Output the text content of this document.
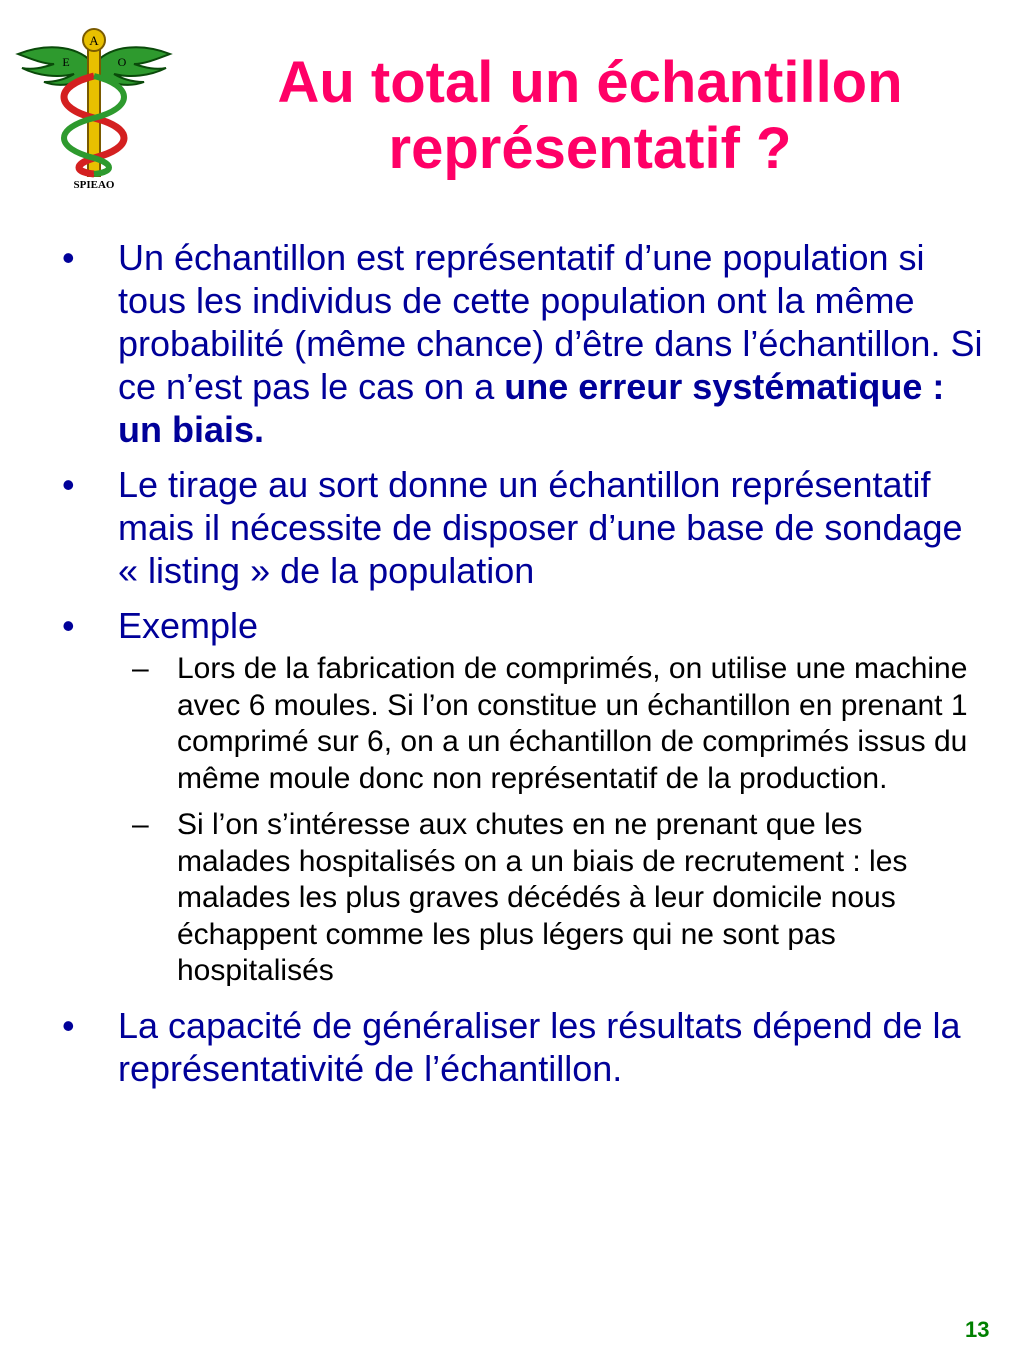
A
E	O
SPIEAO
Au total un échantillon
représentatif ?
• Un échantillon est représentatif d’une population si tous les individus de cette population ont la même probabilité (même chance) d’être dans l’échantillon. Si ce n’est pas le cas on a une erreur systématique : un biais.
• Le tirage au sort donne un échantillon représentatif mais il nécessite de disposer d’une base de sondage « listing » de la population
• Exemple
– Lors de la fabrication de comprimés, on utilise une machine avec 6 moules. Si l’on constitue un échantillon en prenant 1 comprimé sur 6, on a un échantillon de comprimés issus du même moule donc non représentatif de la production.
– Si l’on s’intéresse aux chutes en ne prenant que les malades hospitalisés on a un biais de recrutement : les malades les plus graves décédés à leur domicile nous échappent comme les plus légers qui ne sont pas hospitalisés
• La capacité de généraliser les résultats dépend de la représentativité de l’échantillon.
13
